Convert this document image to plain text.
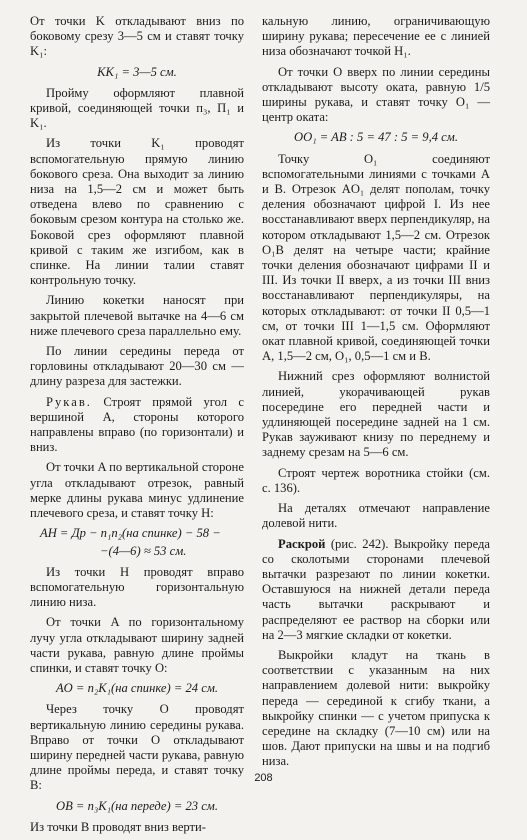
От точки K откладывают вниз по боковому срезу 3—5 см и ставят точку K₁:

KK₁ = 3—5 см.

Пройму оформляют плавной кривой, соединяющей точки п₃, П₁ и K₁.

Из точки K₁ проводят вспомогательную прямую линию бокового среза. Она выходит за линию низа на 1,5—2 см и может быть отведена влево по сравнению с боковым срезом контура на столько же. Боковой срез оформляют плавной кривой с таким же изгибом, как в спинке. На линии талии ставят контрольную точку.

Линию кокетки наносят при закрытой плечевой вытачке на 4—6 см ниже плечевого среза параллельно ему.

По линии середины переда от горловины откладывают 20—30 см — длину разреза для застежки.

Рукав. Строят прямой угол с вершиной A, стороны которого направлены вправо (по горизонтали) и вниз.

От точки A по вертикальной стороне угла откладывают отрезок, равный мерке длины рукава минус удлинение плечевого среза, и ставят точку H:

AH = Др − п₁п₂(на спинке) − 58 −
−(4—6) ≈ 53 см.

Из точки H проводят вправо вспомогательную горизонтальную линию низа.

От точки A по горизонтальному лучу угла откладывают ширину задней части рукава, равную длине проймы спинки, и ставят точку O:

AO = п₂K₁(на спинке) = 24 см.

Через точку O проводят вертикальную линию середины рукава. Вправо от точки O откладывают ширину передней части рукава, равную длине проймы переда, и ставят точку B:

OB = п₃K₁(на переде) = 23 см.

Из точки B проводят вниз верти-

кальную линию, ограничивающую ширину рукава; пересечение ее с линией низа обозначают точкой H₁.

От точки O вверх по линии середины откладывают высоту оката, равную 1/5 ширины рукава, и ставят точку O₁ — центр оката:

OO₁ = AB : 5 = 47 : 5 = 9,4 см.

Точку O₁ соединяют вспомогательными линиями с точками A и B. Отрезок AO₁ делят пополам, точку деления обозначают цифрой I. Из нее восстанавливают вверх перпендикуляр, на котором откладывают 1,5—2 см. Отрезок O₁B делят на четыре части; крайние точки деления обозначают цифрами II и III. Из точки II вверх, а из точки III вниз восстанавливают перпендикуляры, на которых откладывают: от точки II 0,5—1 см, от точки III 1—1,5 см. Оформляют окат плавной кривой, соединяющей точки A, 1,5—2 см, O₁, 0,5—1 см и B.

Нижний срез оформляют волнистой линией, укорачивающей рукав посередине его передней части и удлиняющей посередине задней на 1 см. Рукав зауживают книзу по переднему и заднему срезам на 5—6 см.

Строят чертеж воротника стойки (см. с. 136).

На деталях отмечают направление долевой нити.

Раскрой (рис. 242). Выкройку переда со сколотыми сторонами плечевой вытачки разрезают по линии кокетки. Оставшуюся на нижней детали переда часть вытачки раскрывают и распределяют ее раствор на сборки или на 2—3 мягкие складки от кокетки.

Выкройки кладут на ткань в соответствии с указанным на них направлением долевой нити: выкройку переда — серединой к сгибу ткани, а выкройку спинки — с учетом припуска к середине на складку (7—10 см) или на шов. Дают припуски на швы и на подгиб низа.

208
